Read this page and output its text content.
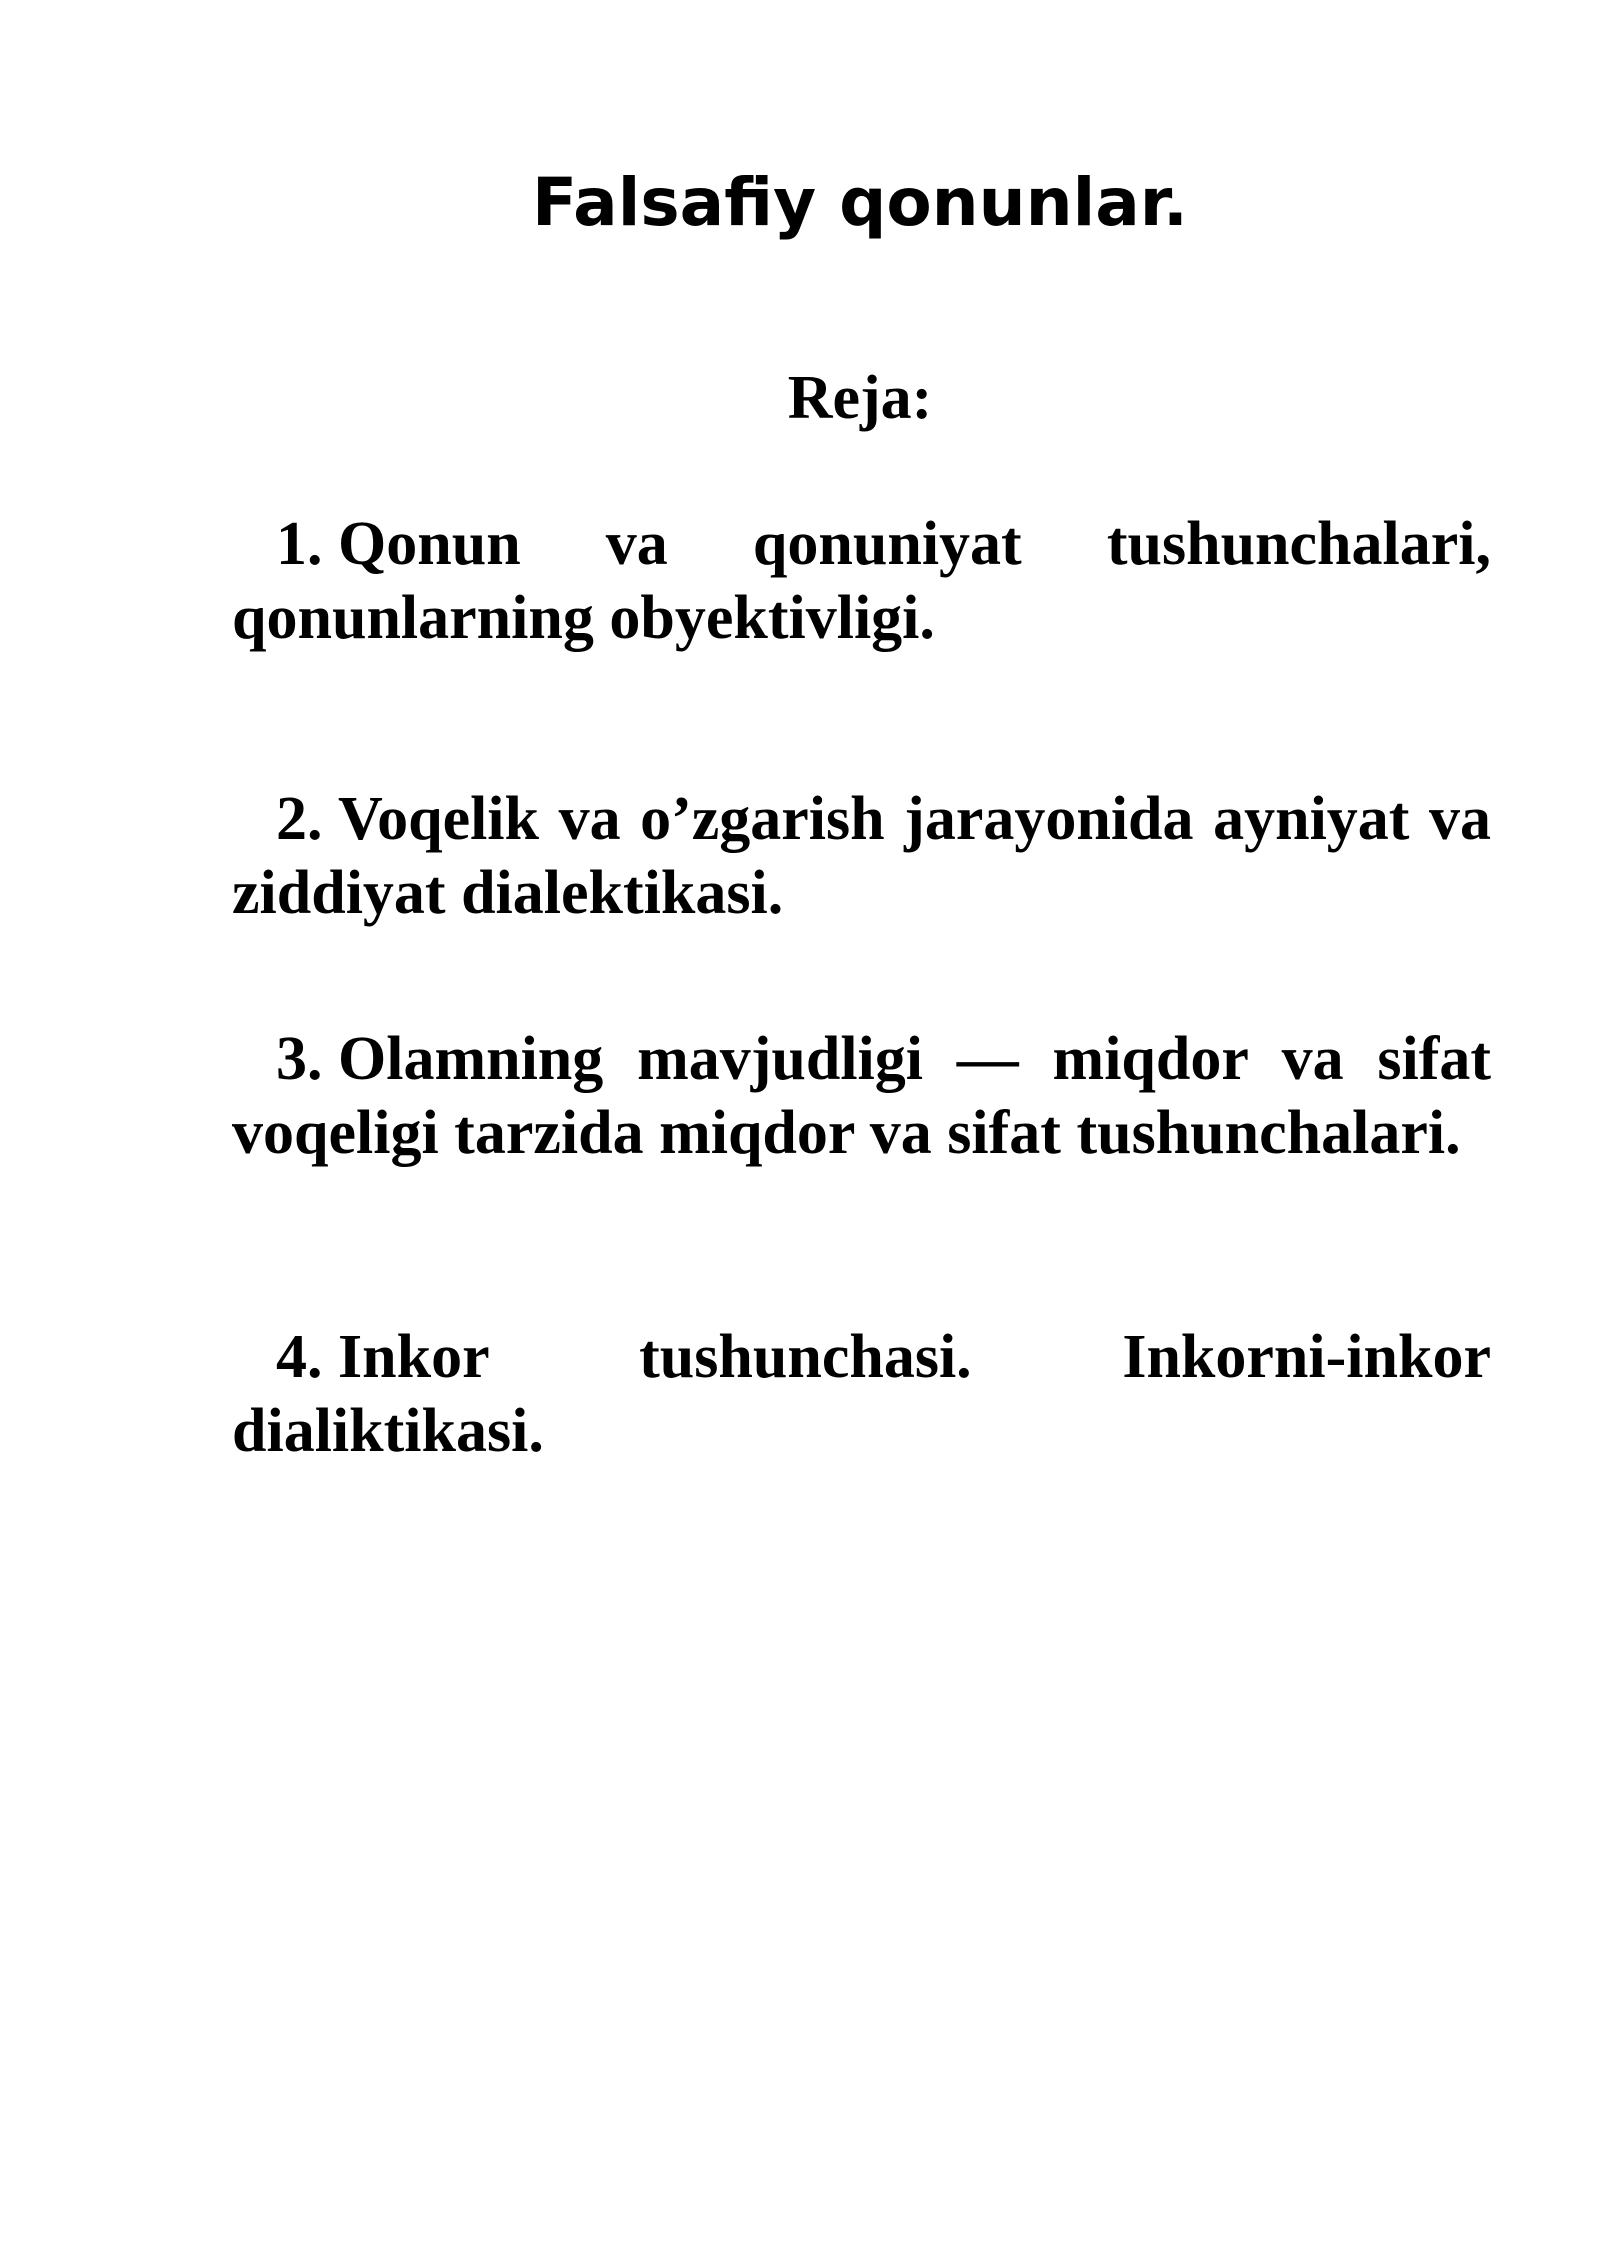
Falsafiy qonunlar.
Reja:

1. Qonun va qonuniyat tushunchalari, qonunlarning obyektivligi.

2. Voqelik va o’zgarish jarayonida ayniyat va ziddiyat dialektikasi.

3. Olamning mavjudligi — miqdor va sifat voqeligi tarzida miqdor va sifat tushunchalari.

4. Inkor tushunchasi. Inkorni-inkor dialiktikasi.
